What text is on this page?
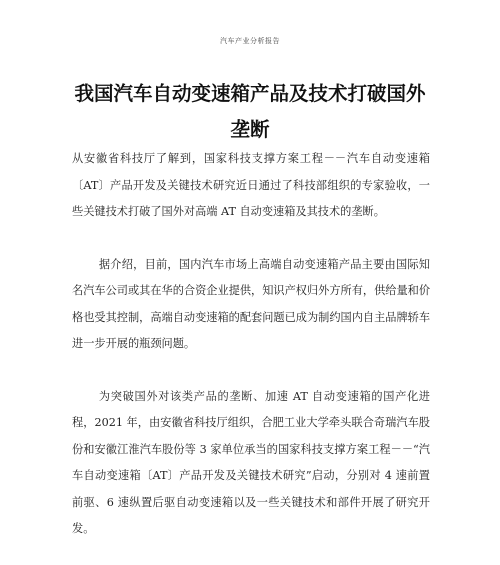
汽车产业分析报告
我国汽车自动变速箱产品及技术打破国外垄断

从安徽省科技厅了解到，国家科技支撑方案工程－－汽车自动变速箱〔AT〕产品开发及关键技术研究近日通过了科技部组织的专家验收，一些关键技术打破了国外对高端 AT 自动变速箱及其技术的垄断。

据介绍，目前，国内汽车市场上高端自动变速箱产品主要由国际知名汽车公司或其在华的合资企业提供，知识产权归外方所有，供给量和价格也受其控制，高端自动变速箱的配套问题已成为制约国内自主品牌轿车进一步开展的瓶颈问题。

为突破国外对该类产品的垄断、加速 AT 自动变速箱的国产化进程，2021 年，由安徽省科技厅组织，合肥工业大学牵头联合奇瑞汽车股份和安徽江淮汽车股份等 3 家单位承当的国家科技支撑方案工程－－“汽车自动变速箱〔AT〕产品开发及关键技术研究”启动，分别对 4 速前置前驱、6 速纵置后驱自动变速箱以及一些关键技术和部件开展了研究开发。
